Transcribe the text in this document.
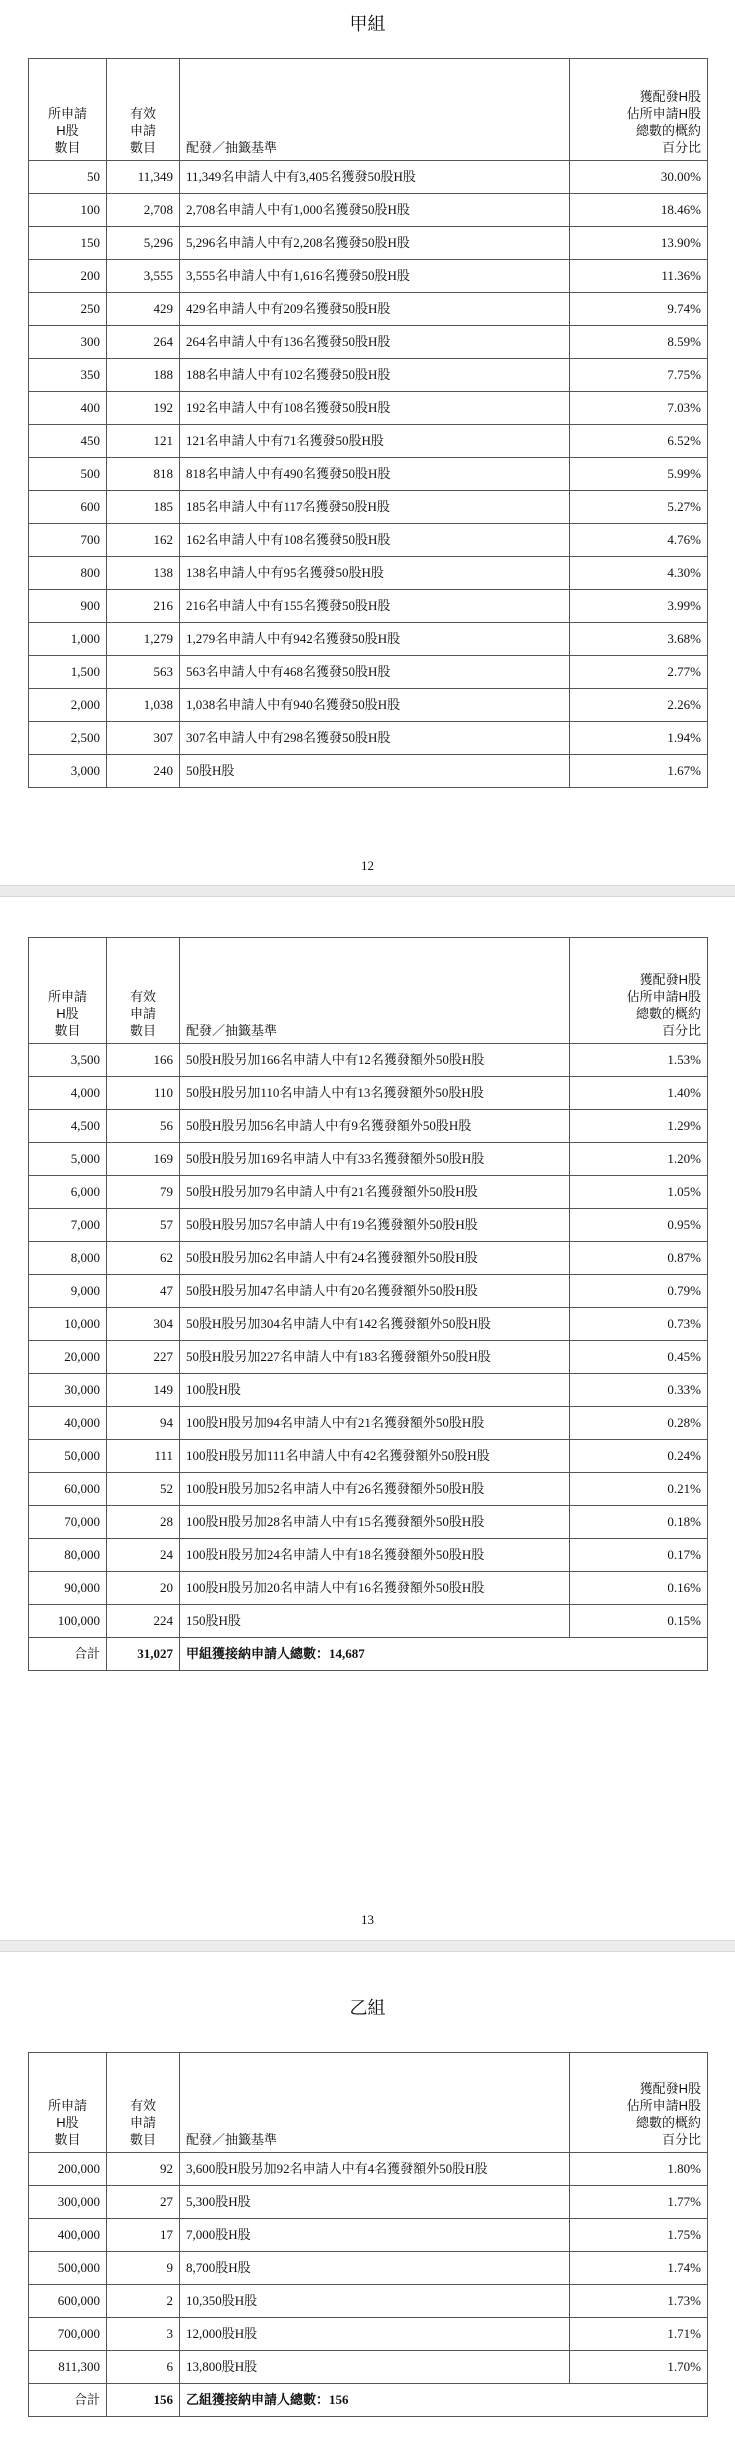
甲組
所申請
H股
數目	有效
申請
數目	配發／抽籤基準	獲配發H股
佔所申請H股
總數的概約
百分比
50	11,349	11,349名申請人中有3,405名獲發50股H股	30.00%
100	2,708	2,708名申請人中有1,000名獲發50股H股	18.46%
150	5,296	5,296名申請人中有2,208名獲發50股H股	13.90%
200	3,555	3,555名申請人中有1,616名獲發50股H股	11.36%
250	429	429名申請人中有209名獲發50股H股	9.74%
300	264	264名申請人中有136名獲發50股H股	8.59%
350	188	188名申請人中有102名獲發50股H股	7.75%
400	192	192名申請人中有108名獲發50股H股	7.03%
450	121	121名申請人中有71名獲發50股H股	6.52%
500	818	818名申請人中有490名獲發50股H股	5.99%
600	185	185名申請人中有117名獲發50股H股	5.27%
700	162	162名申請人中有108名獲發50股H股	4.76%
800	138	138名申請人中有95名獲發50股H股	4.30%
900	216	216名申請人中有155名獲發50股H股	3.99%
1,000	1,279	1,279名申請人中有942名獲發50股H股	3.68%
1,500	563	563名申請人中有468名獲發50股H股	2.77%
2,000	1,038	1,038名申請人中有940名獲發50股H股	2.26%
2,500	307	307名申請人中有298名獲發50股H股	1.94%
3,000	240	50股H股	1.67%
12
所申請
H股
數目	有效
申請
數目	配發／抽籤基準	獲配發H股
佔所申請H股
總數的概約
百分比
3,500	166	50股H股另加166名申請人中有12名獲發額外50股H股	1.53%
4,000	110	50股H股另加110名申請人中有13名獲發額外50股H股	1.40%
4,500	56	50股H股另加56名申請人中有9名獲發額外50股H股	1.29%
5,000	169	50股H股另加169名申請人中有33名獲發額外50股H股	1.20%
6,000	79	50股H股另加79名申請人中有21名獲發額外50股H股	1.05%
7,000	57	50股H股另加57名申請人中有19名獲發額外50股H股	0.95%
8,000	62	50股H股另加62名申請人中有24名獲發額外50股H股	0.87%
9,000	47	50股H股另加47名申請人中有20名獲發額外50股H股	0.79%
10,000	304	50股H股另加304名申請人中有142名獲發額外50股H股	0.73%
20,000	227	50股H股另加227名申請人中有183名獲發額外50股H股	0.45%
30,000	149	100股H股	0.33%
40,000	94	100股H股另加94名申請人中有21名獲發額外50股H股	0.28%
50,000	111	100股H股另加111名申請人中有42名獲發額外50股H股	0.24%
60,000	52	100股H股另加52名申請人中有26名獲發額外50股H股	0.21%
70,000	28	100股H股另加28名申請人中有15名獲發額外50股H股	0.18%
80,000	24	100股H股另加24名申請人中有18名獲發額外50股H股	0.17%
90,000	20	100股H股另加20名申請人中有16名獲發額外50股H股	0.16%
100,000	224	150股H股	0.15%
合計	31,027	甲組獲接納申請人總數：14,687	
13
乙組
所申請
H股
數目	有效
申請
數目	配發／抽籤基準	獲配發H股
佔所申請H股
總數的概約
百分比
200,000	92	3,600股H股另加92名申請人中有4名獲發額外50股H股	1.80%
300,000	27	5,300股H股	1.77%
400,000	17	7,000股H股	1.75%
500,000	9	8,700股H股	1.74%
600,000	2	10,350股H股	1.73%
700,000	3	12,000股H股	1.71%
811,300	6	13,800股H股	1.70%
合計	156	乙組獲接納申請人總數：156	
